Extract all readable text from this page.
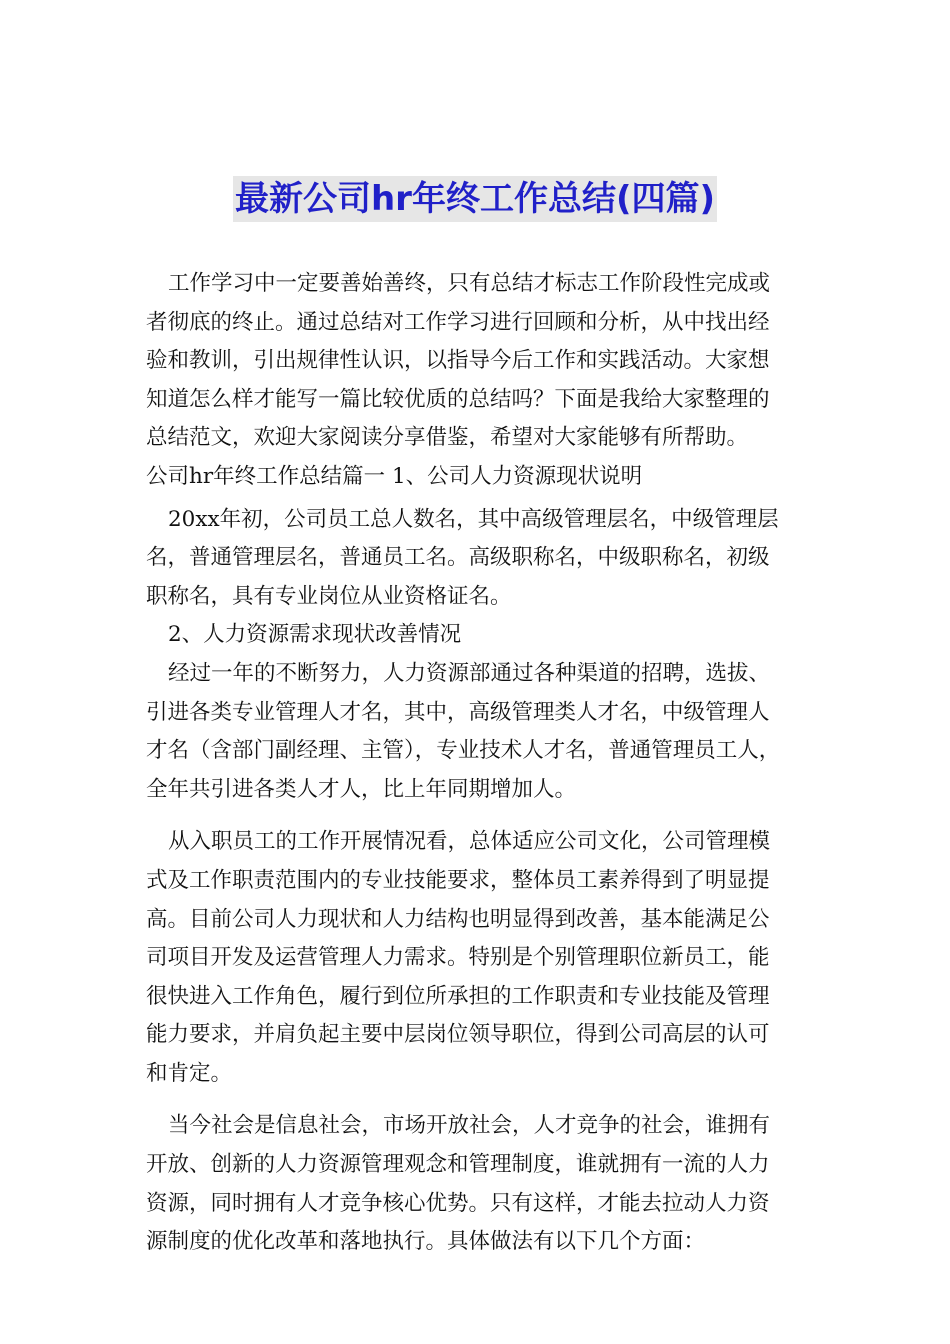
最新公司hr年终工作总结(四篇)
工作学习中一定要善始善终，只有总结才标志工作阶段性完成或
者彻底的终止。通过总结对工作学习进行回顾和分析，从中找出经
验和教训，引出规律性认识，以指导今后工作和实践活动。大家想
知道怎么样才能写一篇比较优质的总结吗？下面是我给大家整理的
总结范文，欢迎大家阅读分享借鉴，希望对大家能够有所帮助。
公司hr年终工作总结篇一 1、公司人力资源现状说明
20xx年初，公司员工总人数名，其中高级管理层名，中级管理层
名，普通管理层名，普通员工名。高级职称名，中级职称名，初级
职称名，具有专业岗位从业资格证名。
2、人力资源需求现状改善情况
经过一年的不断努力，人力资源部通过各种渠道的招聘，选拔、
引进各类专业管理人才名，其中，高级管理类人才名，中级管理人
才名（含部门副经理、主管），专业技术人才名，普通管理员工人，
全年共引进各类人才人，比上年同期增加人。
从入职员工的工作开展情况看，总体适应公司文化，公司管理模
式及工作职责范围内的专业技能要求，整体员工素养得到了明显提
高。目前公司人力现状和人力结构也明显得到改善，基本能满足公
司项目开发及运营管理人力需求。特别是个别管理职位新员工，能
很快进入工作角色，履行到位所承担的工作职责和专业技能及管理
能力要求，并肩负起主要中层岗位领导职位，得到公司高层的认可
和肯定。
当今社会是信息社会，市场开放社会，人才竞争的社会，谁拥有
开放、创新的人力资源管理观念和管理制度，谁就拥有一流的人力
资源，同时拥有人才竞争核心优势。只有这样，才能去拉动人力资
源制度的优化改革和落地执行。具体做法有以下几个方面：
